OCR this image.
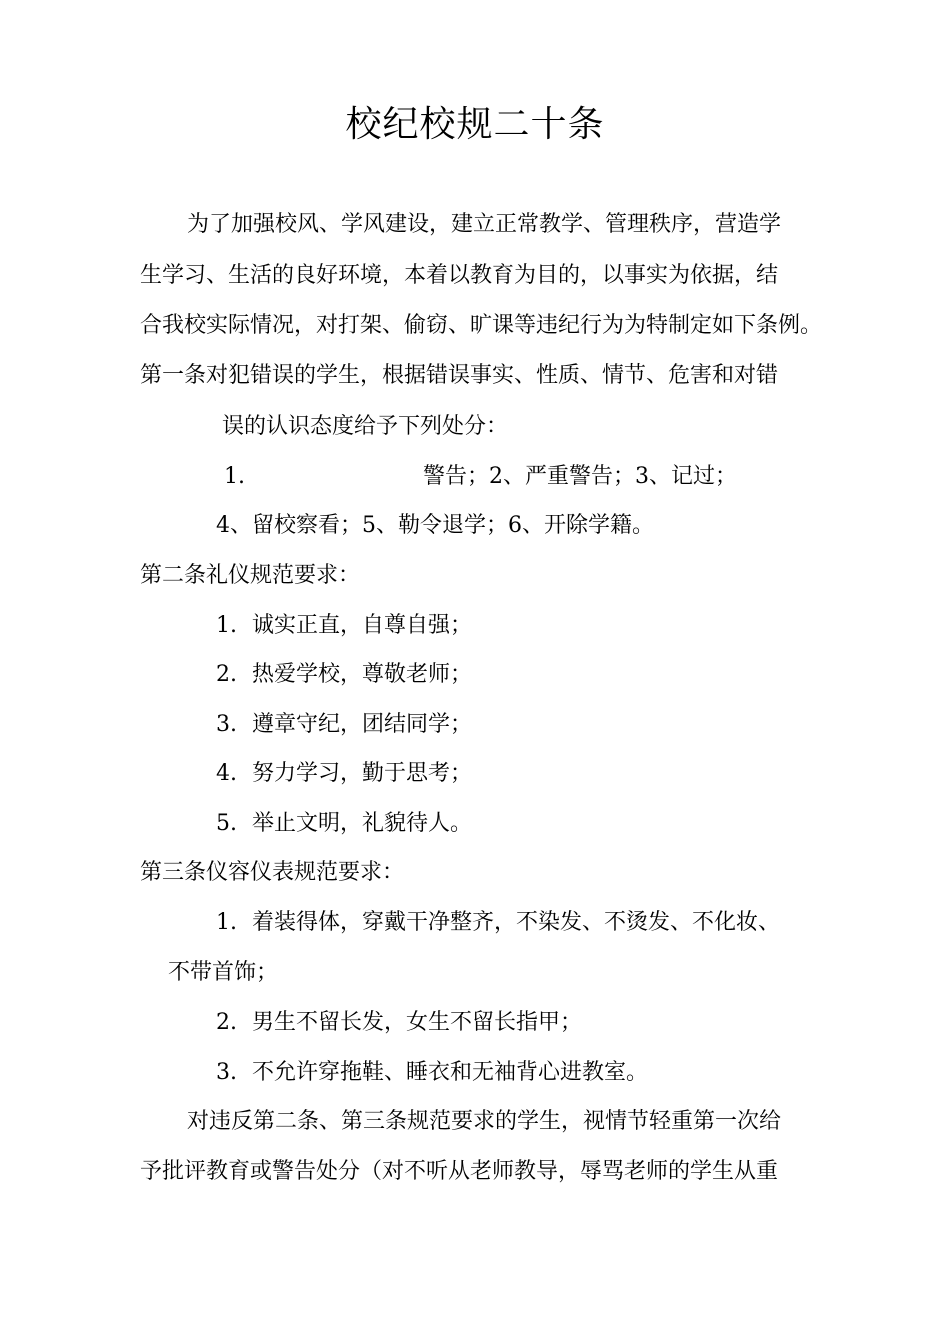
校纪校规二十条
为了加强校风、学风建设，建立正常教学、管理秩序，营造学
生学习、生活的良好环境，本着以教育为目的，以事实为依据，结
合我校实际情况，对打架、偷窃、旷课等违纪行为为特制定如下条例。
第一条对犯错误的学生，根据错误事实、性质、情节、危害和对错
误的认识态度给予下列处分：
1.	警告；2、严重警告；3、记过；
4、留校察看；5、勒令退学；6、开除学籍。
第二条礼仪规范要求：
1. 诚实正直，自尊自强；
2. 热爱学校，尊敬老师；
3. 遵章守纪，团结同学；
4. 努力学习，勤于思考；
5. 举止文明，礼貌待人。
第三条仪容仪表规范要求：
1. 着装得体，穿戴干净整齐，不染发、不烫发、不化妆、
不带首饰；
2. 男生不留长发，女生不留长指甲；
3. 不允许穿拖鞋、睡衣和无袖背心进教室。
对违反第二条、第三条规范要求的学生，视情节轻重第一次给
予批评教育或警告处分（对不听从老师教导，辱骂老师的学生从重
